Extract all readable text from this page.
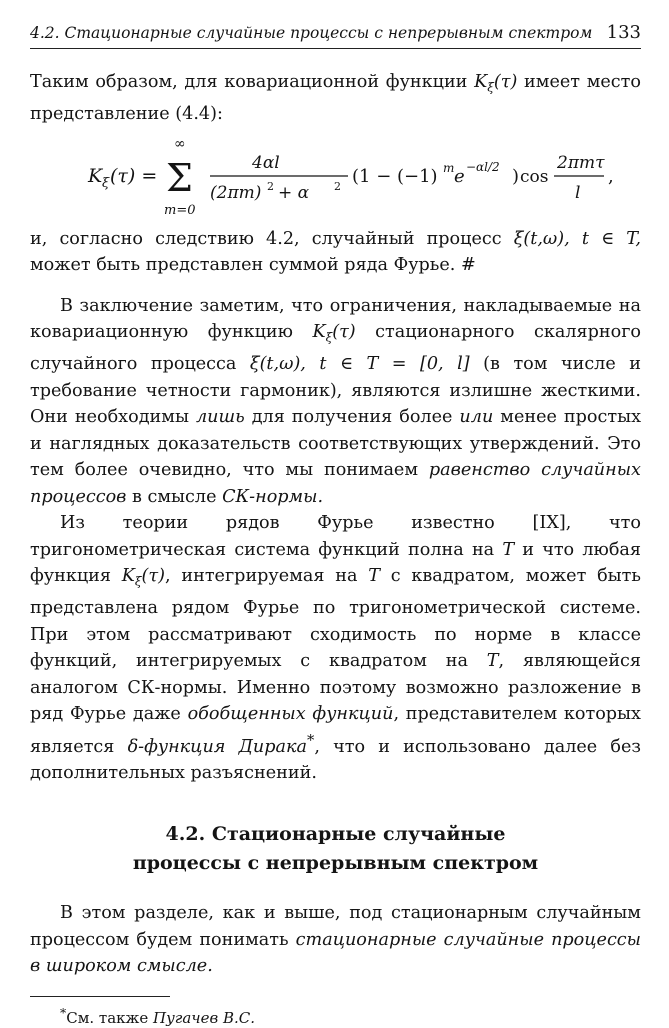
4.2. Стационарные случайные процессы с непрерывным спектром 133

Таким образом, для ковариационной функции $K_\xi(\tau)$ имеет место представление (4.4):

K ξ (τ) =
∞
Σ
m=0
4αl
(2πm) 2 + α 2 (1 − (−1) m e −αl/2 ) cos
2πmτ
l
,

и, согласно следствию 4.2, случайный процесс ξ(t,ω), t ∈ T, может быть представлен суммой ряда Фурье. #

В заключение заметим, что ограничения, накладываемые на ковариационную функцию $K_\xi(\tau)$ стационарного скалярного случайного процесса ξ(t,ω), t ∈ T = [0, l] (в том числе и требование четности гармоник), являются излишне жесткими. Они необходимы лишь для получения более или менее простых и наглядных доказательств соответствующих утверждений. Это тем более очевидно, что мы понимаем равенство случайных процессов в смысле СК-нормы.

Из теории рядов Фурье известно [IX], что тригонометрическая система функций полна на T и что любая функция $K_\xi(\tau)$, интегрируемая на T с квадратом, может быть представлена рядом Фурье по тригонометрической системе. При этом рассматривают сходимость по норме в классе функций, интегрируемых с квадратом на T, являющейся аналогом СК-нормы. Именно поэтому возможно разложение в ряд Фурье даже обобщенных функций, представителем которых является δ-функция Дирака*, что и использовано далее без дополнительных разъяснений.

4.2. Стационарные случайные
процессы с непрерывным спектром

В этом разделе, как и выше, под стационарным случайным процессом будем понимать стационарные случайные процессы в широком смысле.

*См. также Пугачев В.С.
